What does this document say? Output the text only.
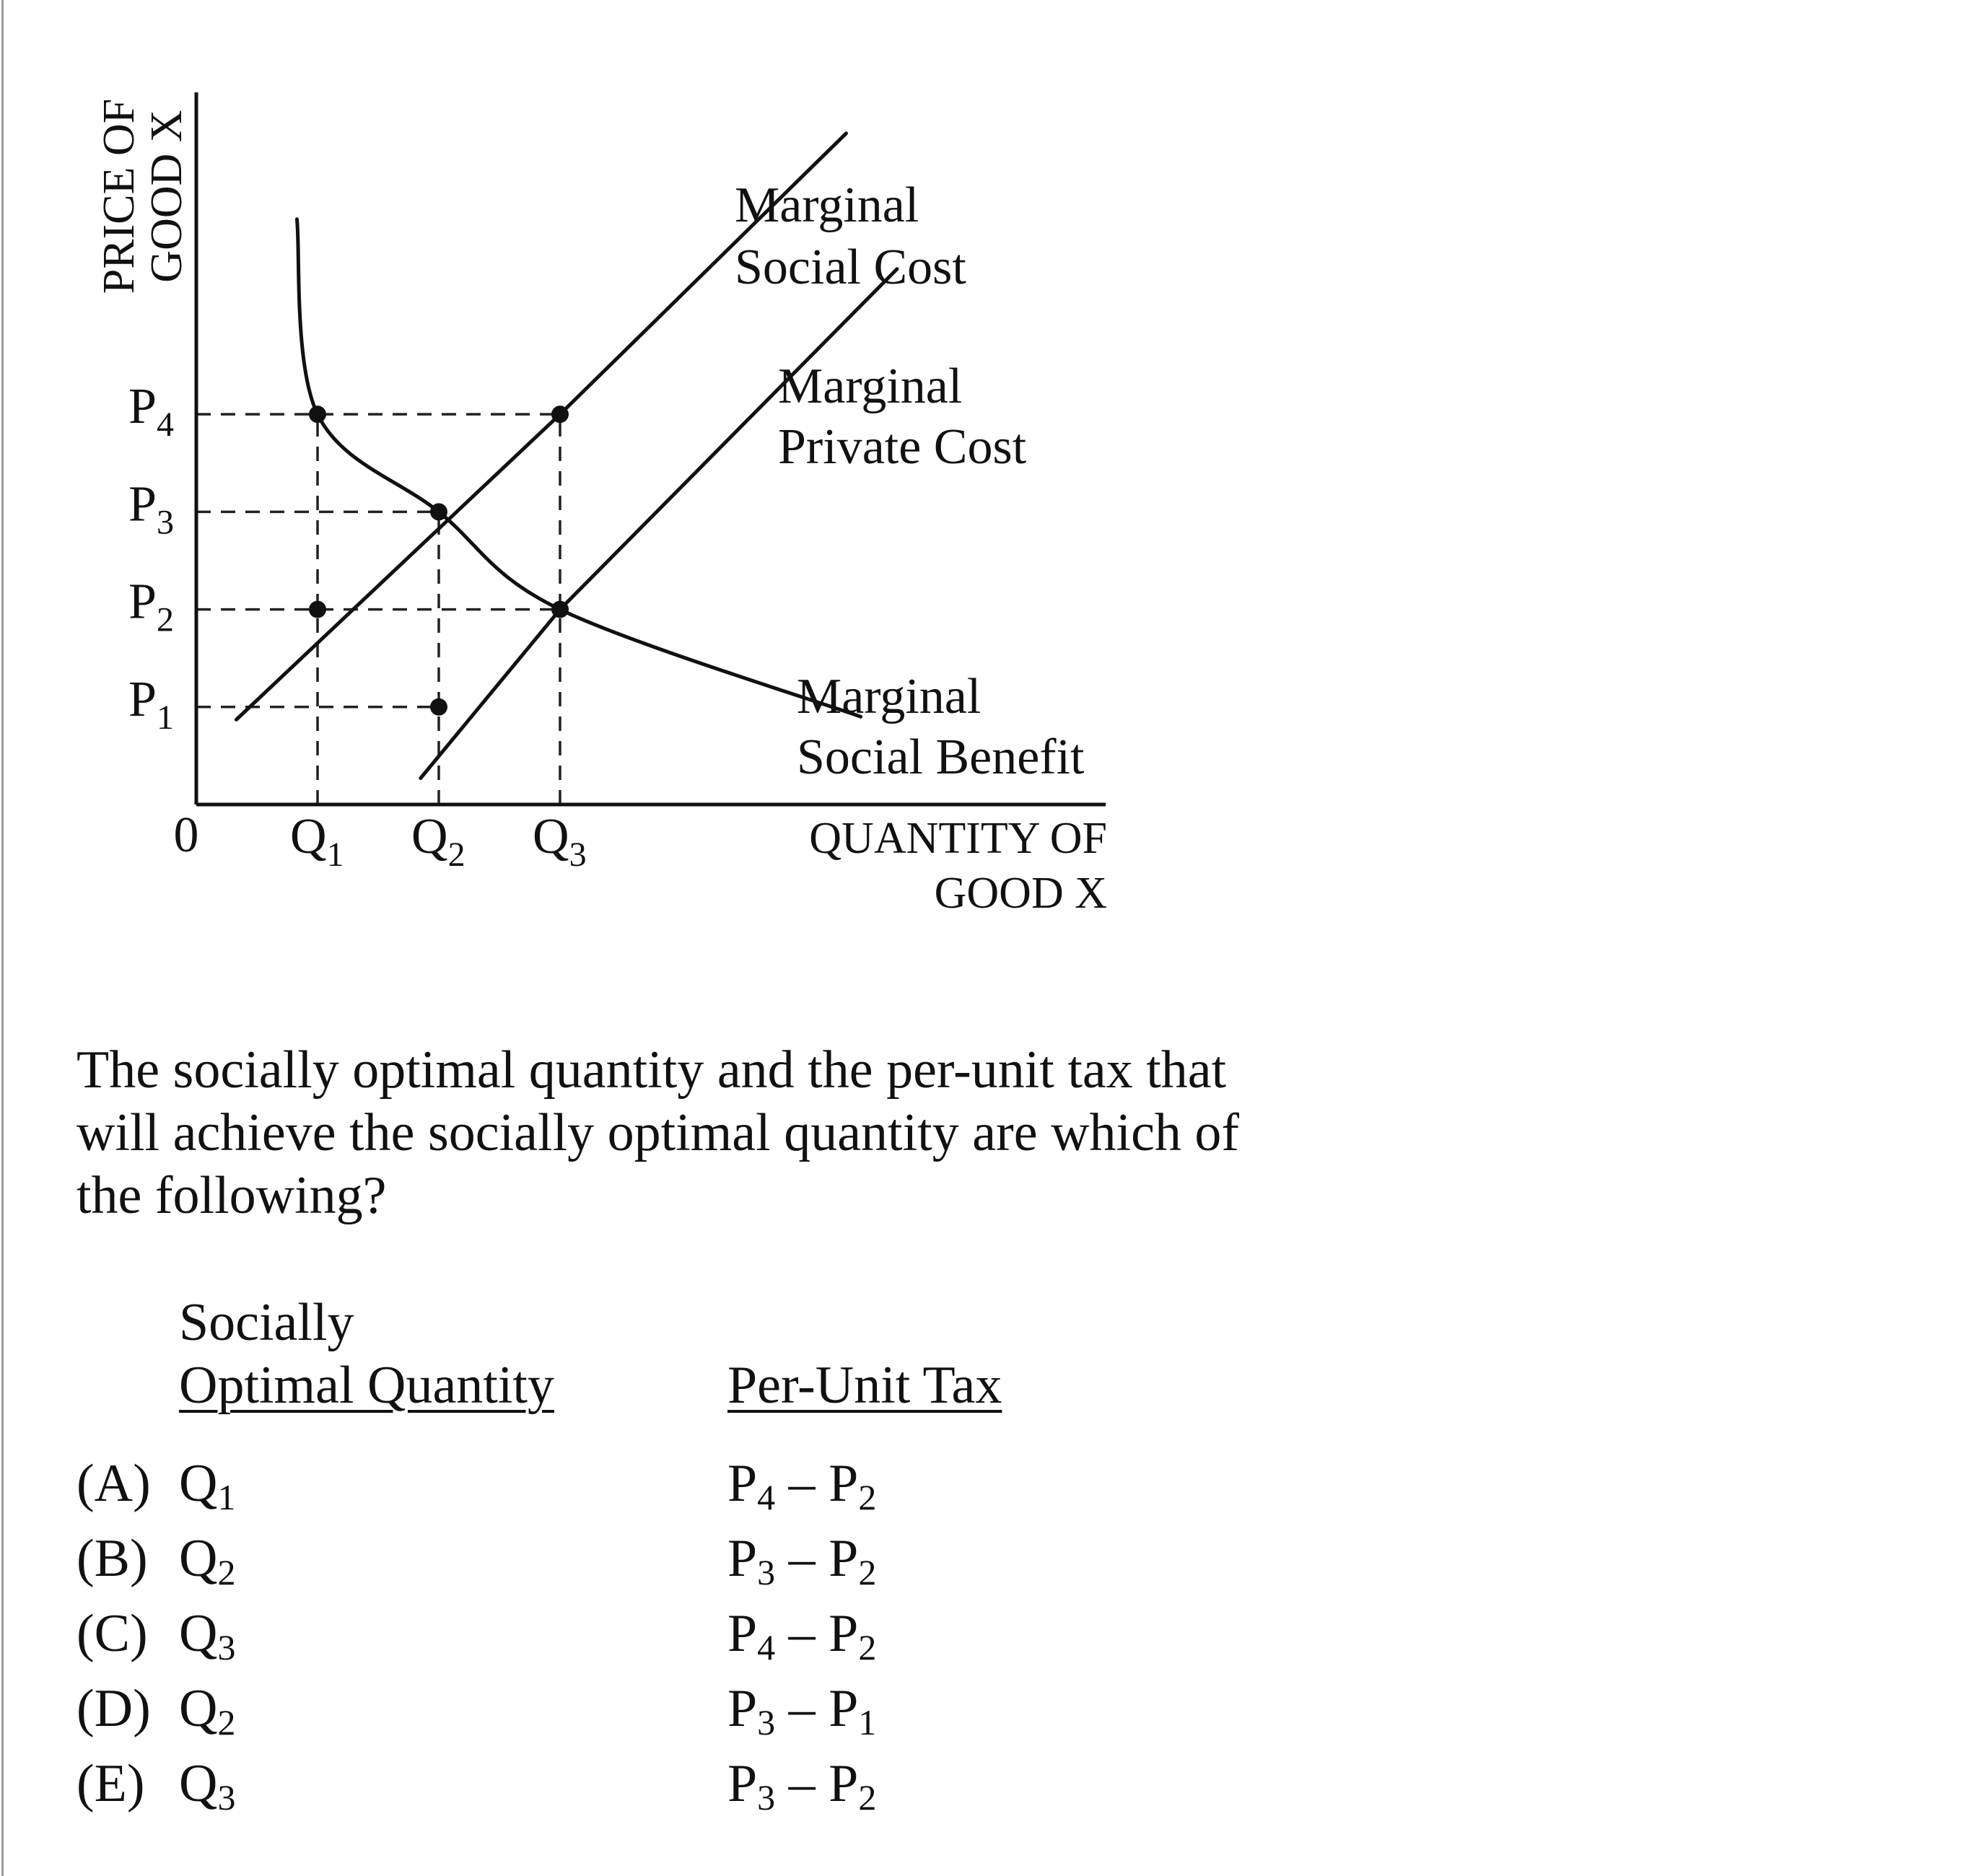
$P_1$
$P_2$
$P_3$
$P_4$
$Q_1$ $Q_2$ $Q_3$
PRICE OF
GOOD X
QUANTITY OF
GOOD X
0
Marginal
Social Cost
Marginal
Private Cost
Marginal
Social Benefit

The socially optimal quantity and the per-unit tax that will achieve the socially optimal quantity are which of the following?

Socially
Optimal Quantity	Per-Unit Tax
(A) $Q_1$	$P_4 - P_2$
(B) $Q_2$	$P_3 - P_2$
(C) $Q_3$	$P_4 - P_2$
(D) $Q_2$	$P_3 - P_1$
(E) $Q_3$	$P_3 - P_2$
